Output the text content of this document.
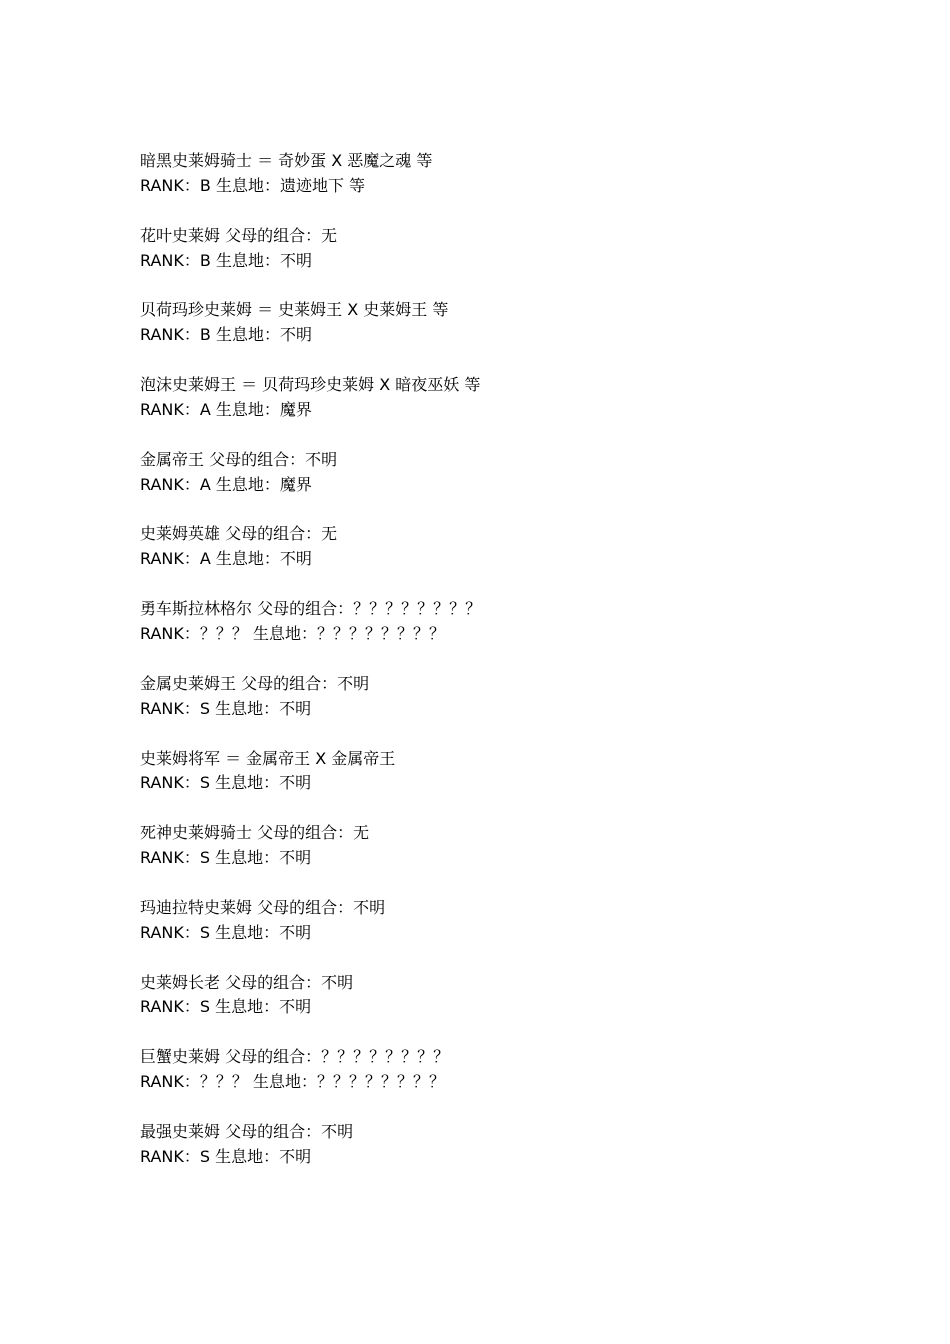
暗黑史莱姆骑士 ＝ 奇妙蛋 X 恶魔之魂 等

RANK：B 生息地：遗迹地下 等

花叶史莱姆 父母的组合：无

RANK：B 生息地：不明

贝荷玛珍史莱姆 ＝ 史莱姆王 X 史莱姆王 等

RANK：B 生息地：不明

泡沫史莱姆王 ＝ 贝荷玛珍史莱姆 X 暗夜巫妖 等

RANK：A 生息地：魔界

金属帝王 父母的组合：不明

RANK：A 生息地：魔界

史莱姆英雄 父母的组合：无

RANK：A 生息地：不明

勇车斯拉林格尔 父母的组合：？？？？？？？？

RANK：？？？ 生息地：？？？？？？？？

金属史莱姆王 父母的组合：不明

RANK：S 生息地：不明

史莱姆将军 ＝ 金属帝王 X 金属帝王

RANK：S 生息地：不明

死神史莱姆骑士 父母的组合：无

RANK：S 生息地：不明

玛迪拉特史莱姆 父母的组合：不明

RANK：S 生息地：不明

史莱姆长老 父母的组合：不明

RANK：S 生息地：不明

巨蟹史莱姆 父母的组合：？？？？？？？？

RANK：？？？ 生息地：？？？？？？？？

最强史莱姆 父母的组合：不明

RANK：S 生息地：不明
